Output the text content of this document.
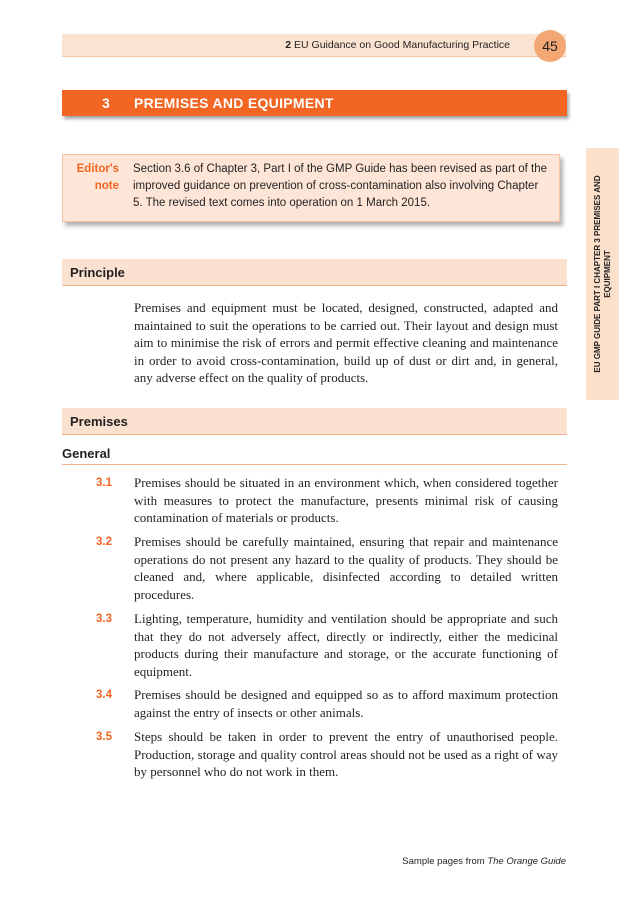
2 EU Guidance on Good Manufacturing Practice	45
3 PREMISES AND EQUIPMENT
Editor's
note
Section 3.6 of Chapter 3, Part I of the GMP Guide has been revised as part of the improved guidance on prevention of cross-contamination also involving Chapter 5. The revised text comes into operation on 1 March 2015.	EU GMP GUIDE PART I CHAPTER 3 PREMISES AND EQUIPMENT
Principle
Premises and equipment must be located, designed, constructed, adapted and maintained to suit the operations to be carried out. Their layout and design must aim to minimise the risk of errors and permit effective cleaning and maintenance in order to avoid cross-contamination, build up of dust or dirt and, in general, any adverse effect on the quality of products.
Premises
General
3.1	Premises should be situated in an environment which, when considered together with measures to protect the manufacture, presents minimal risk of causing contamination of materials or products.
3.2	Premises should be carefully maintained, ensuring that repair and maintenance operations do not present any hazard to the quality of products. They should be cleaned and, where applicable, disinfected according to detailed written procedures.
3.3	Lighting, temperature, humidity and ventilation should be appropriate and such that they do not adversely affect, directly or indirectly, either the medicinal products during their manufacture and storage, or the accurate functioning of equipment.
3.4	Premises should be designed and equipped so as to afford maximum protection against the entry of insects or other animals.
3.5	Steps should be taken in order to prevent the entry of unauthorised people. Production, storage and quality control areas should not be used as a right of way by personnel who do not work in them.
Sample pages from The Orange Guide
